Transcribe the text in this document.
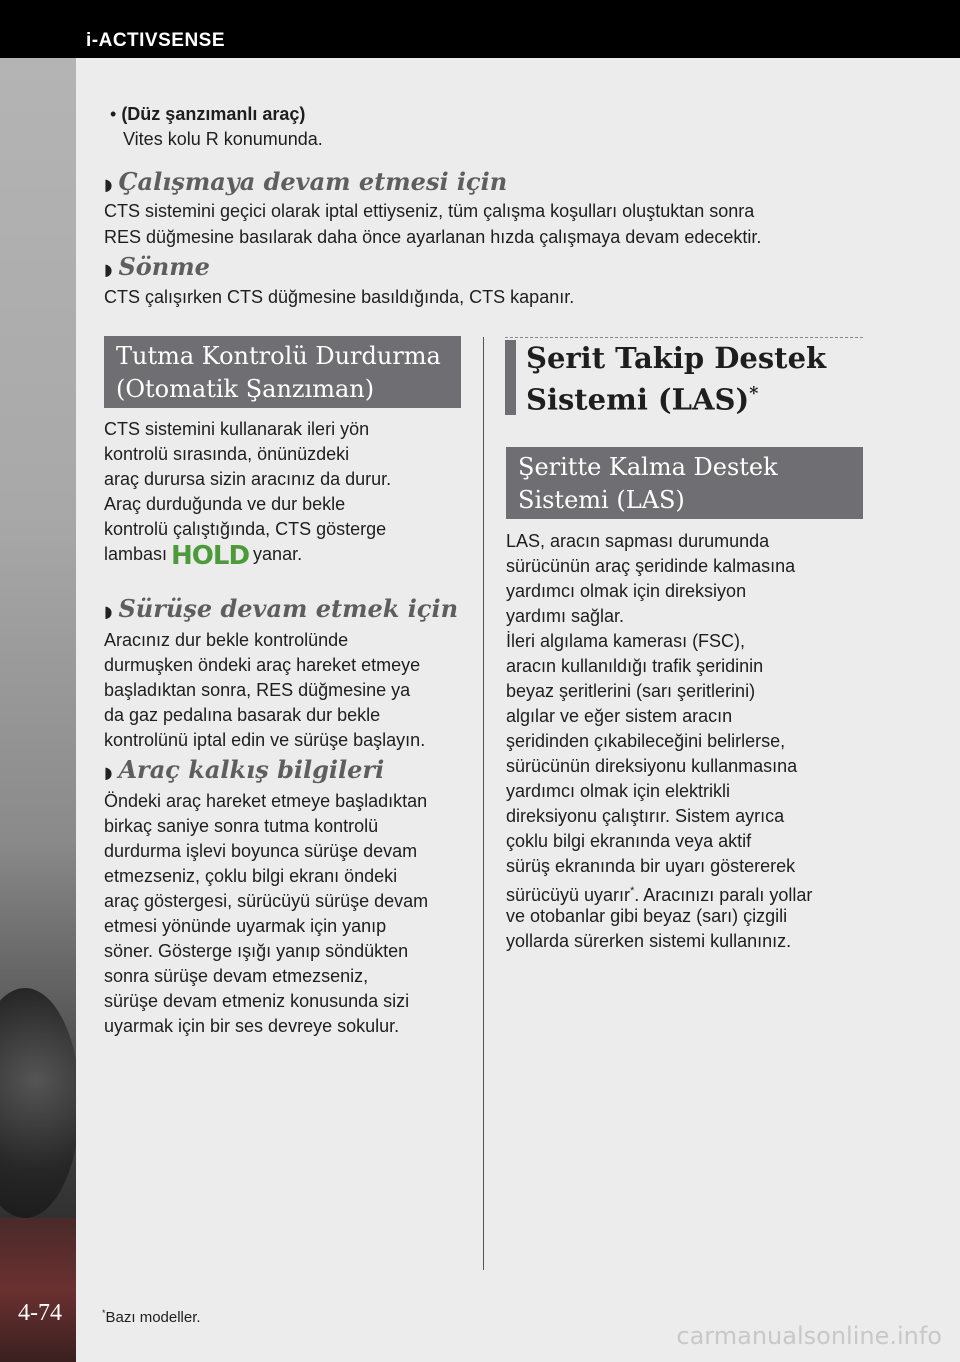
i-ACTIVSENSE
4-74
• (Düz şanzımanlı araç)
Vites kolu R konumunda.
◗ Çalışmaya devam etmesi için
CTS sistemini geçici olarak iptal ettiyseniz, tüm çalışma koşulları oluştuktan sonra
RES düğmesine basılarak daha önce ayarlanan hızda çalışmaya devam edecektir.
◗ Sönme
CTS çalışırken CTS düğmesine basıldığında, CTS kapanır.
Tutma Kontrolü Durdurma
(Otomatik Şanzıman)
CTS sistemini kullanarak ileri yön
kontrolü sırasında, önünüzdeki
araç durursa sizin aracınız da durur.
Araç durduğunda ve dur bekle
kontrolü çalıştığında, CTS gösterge
lambası HOLD yanar.
◗ Sürüşe devam etmek için
Aracınız dur bekle kontrolünde
durmuşken öndeki araç hareket etmeye
başladıktan sonra, RES düğmesine ya
da gaz pedalına basarak dur bekle
kontrolünü iptal edin ve sürüşe başlayın.
◗ Araç kalkış bilgileri
Öndeki araç hareket etmeye başladıktan
birkaç saniye sonra tutma kontrolü
durdurma işlevi boyunca sürüşe devam
etmezseniz, çoklu bilgi ekranı öndeki
araç göstergesi, sürücüyü sürüşe devam
etmesi yönünde uyarmak için yanıp
söner. Gösterge ışığı yanıp söndükten
sonra sürüşe devam etmezseniz,
sürüşe devam etmeniz konusunda sizi
uyarmak için bir ses devreye sokulur.
Şerit Takip Destek
Sistemi (LAS)*
Şeritte Kalma Destek
Sistemi (LAS)
LAS, aracın sapması durumunda
sürücünün araç şeridinde kalmasına
yardımcı olmak için direksiyon
yardımı sağlar.
İleri algılama kamerası (FSC),
aracın kullanıldığı trafik şeridinin
beyaz şeritlerini (sarı şeritlerini)
algılar ve eğer sistem aracın
şeridinden çıkabileceğini belirlerse,
sürücünün direksiyonu kullanmasına
yardımcı olmak için elektrikli
direksiyonu çalıştırır. Sistem ayrıca
çoklu bilgi ekranında veya aktif
sürüş ekranında bir uyarı göstererek
sürücüyü uyarır*. Aracınızı paralı yollar
ve otobanlar gibi beyaz (sarı) çizgili
yollarda sürerken sistemi kullanınız.
*Bazı modeller.
carmanualsonline.info
